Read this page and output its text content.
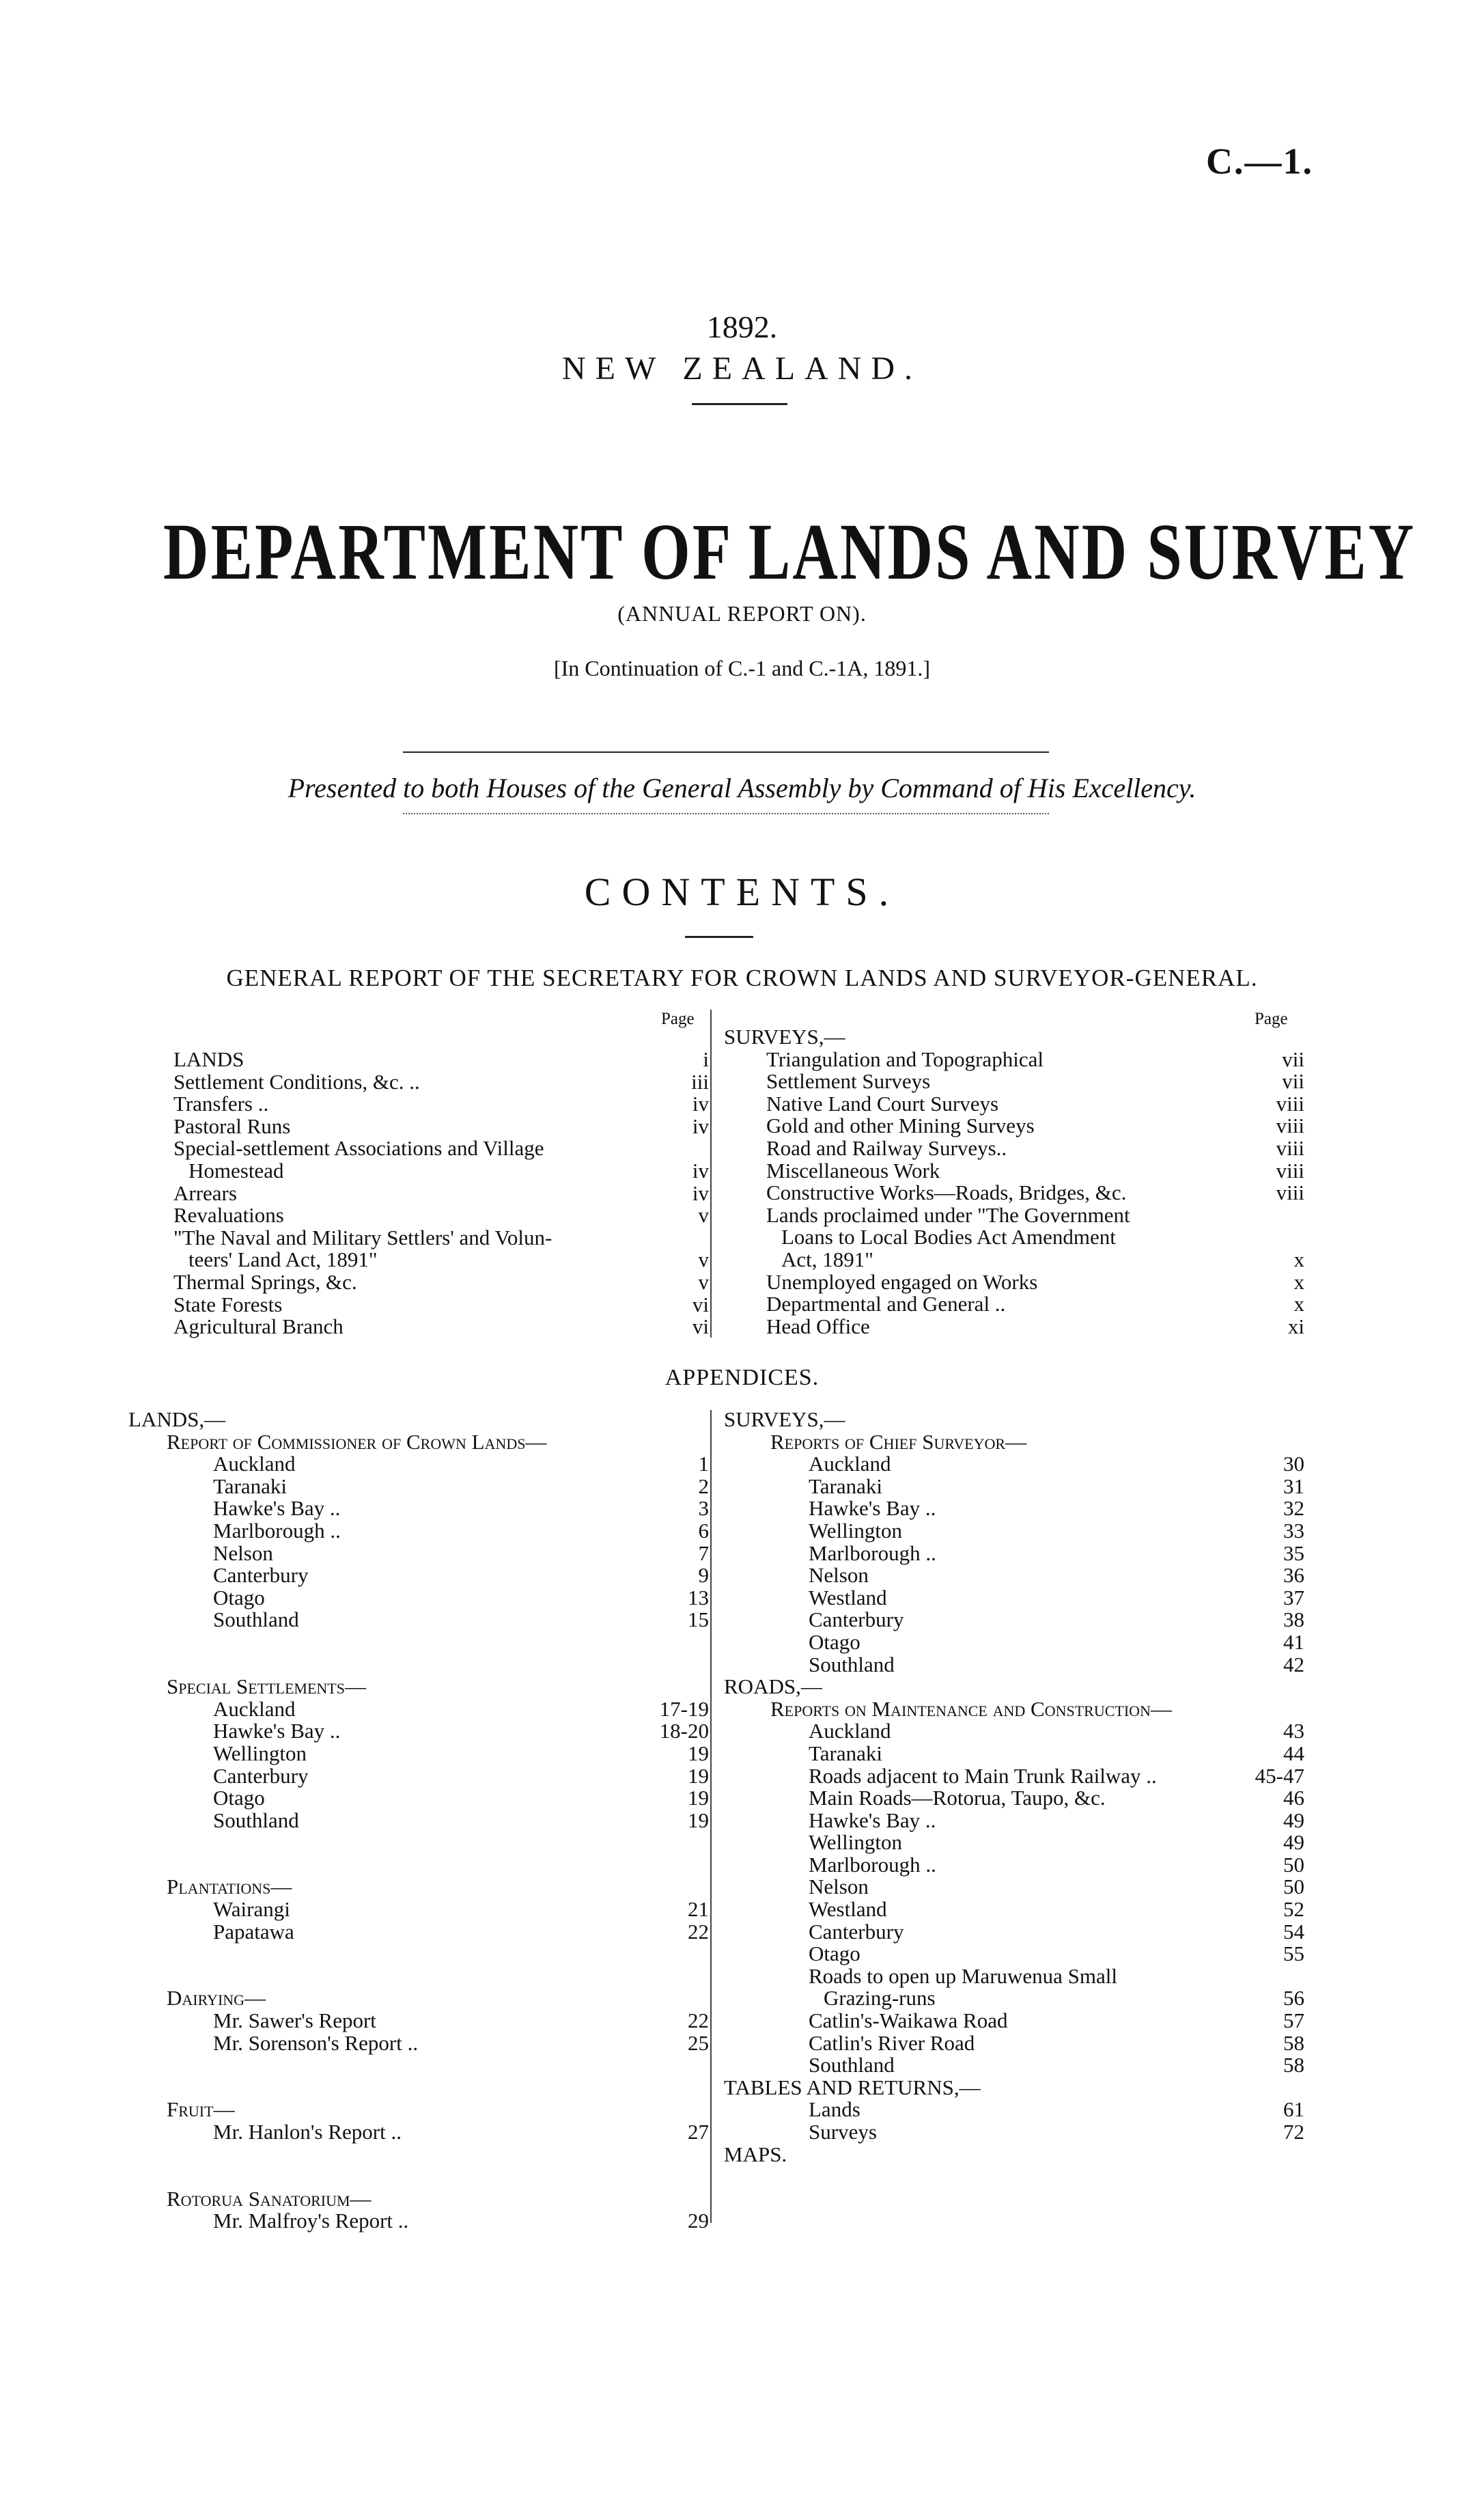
C.—1.
1892.
NEW ZEALAND.
DEPARTMENT OF LANDS AND SURVEY
(ANNUAL REPORT ON).
[In Continuation of C.-1 and C.-1A, 1891.]
Presented to both Houses of the General Assembly by Command of His Excellency.
CONTENTS.
GENERAL REPORT OF THE SECRETARY FOR CROWN LANDS AND SURVEYOR-GENERAL.
Page	Page
LANDS	i
Settlement Conditions, &c. ..	iii
Transfers ..	iv
Pastoral Runs	iv
Special-settlement Associations and Village
Homestead	iv
Arrears	iv
Revaluations	v
"The Naval and Military Settlers' and Volun-
teers' Land Act, 1891"	v
Thermal Springs, &c.	v
State Forests	vi
Agricultural Branch	vi
SURVEYS,—
Triangulation and Topographical	vii
Settlement Surveys	vii
Native Land Court Surveys	viii
Gold and other Mining Surveys	viii
Road and Railway Surveys..	viii
Miscellaneous Work	viii
Constructive Works—Roads, Bridges, &c.	viii
Lands proclaimed under "The Government
Loans to Local Bodies Act Amendment
Act, 1891"	x
Unemployed engaged on Works	x
Departmental and General ..	x
Head Office	xi
APPENDICES.
LANDS,—
Report of Commissioner of Crown Lands—
Auckland	1
Taranaki	2
Hawke's Bay ..	3
Marlborough ..	6
Nelson	7
Canterbury	9
Otago	13
Southland	15
Special Settlements—
Auckland	17-19
Hawke's Bay ..	18-20
Wellington	19
Canterbury	19
Otago	19
Southland	19
Plantations—
Wairangi	21
Papatawa	22
Dairying—
Mr. Sawer's Report	22
Mr. Sorenson's Report ..	25
Fruit—
Mr. Hanlon's Report ..	27
Rotorua Sanatorium—
Mr. Malfroy's Report ..	29
SURVEYS,—
Reports of Chief Surveyor—
Auckland	30
Taranaki	31
Hawke's Bay ..	32
Wellington	33
Marlborough ..	35
Nelson	36
Westland	37
Canterbury	38
Otago	41
Southland	42
ROADS,—
Reports on Maintenance and Construction—
Auckland	43
Taranaki	44
Roads adjacent to Main Trunk Railway ..	45-47
Main Roads—Rotorua, Taupo, &c.	46
Hawke's Bay ..	49
Wellington	49
Marlborough ..	50
Nelson	50
Westland	52
Canterbury	54
Otago	55
Roads to open up Maruwenua Small
Grazing-runs	56
Catlin's-Waikawa Road	57
Catlin's River Road	58
Southland	58
TABLES AND RETURNS,—
Lands	61
Surveys	72
MAPS.
